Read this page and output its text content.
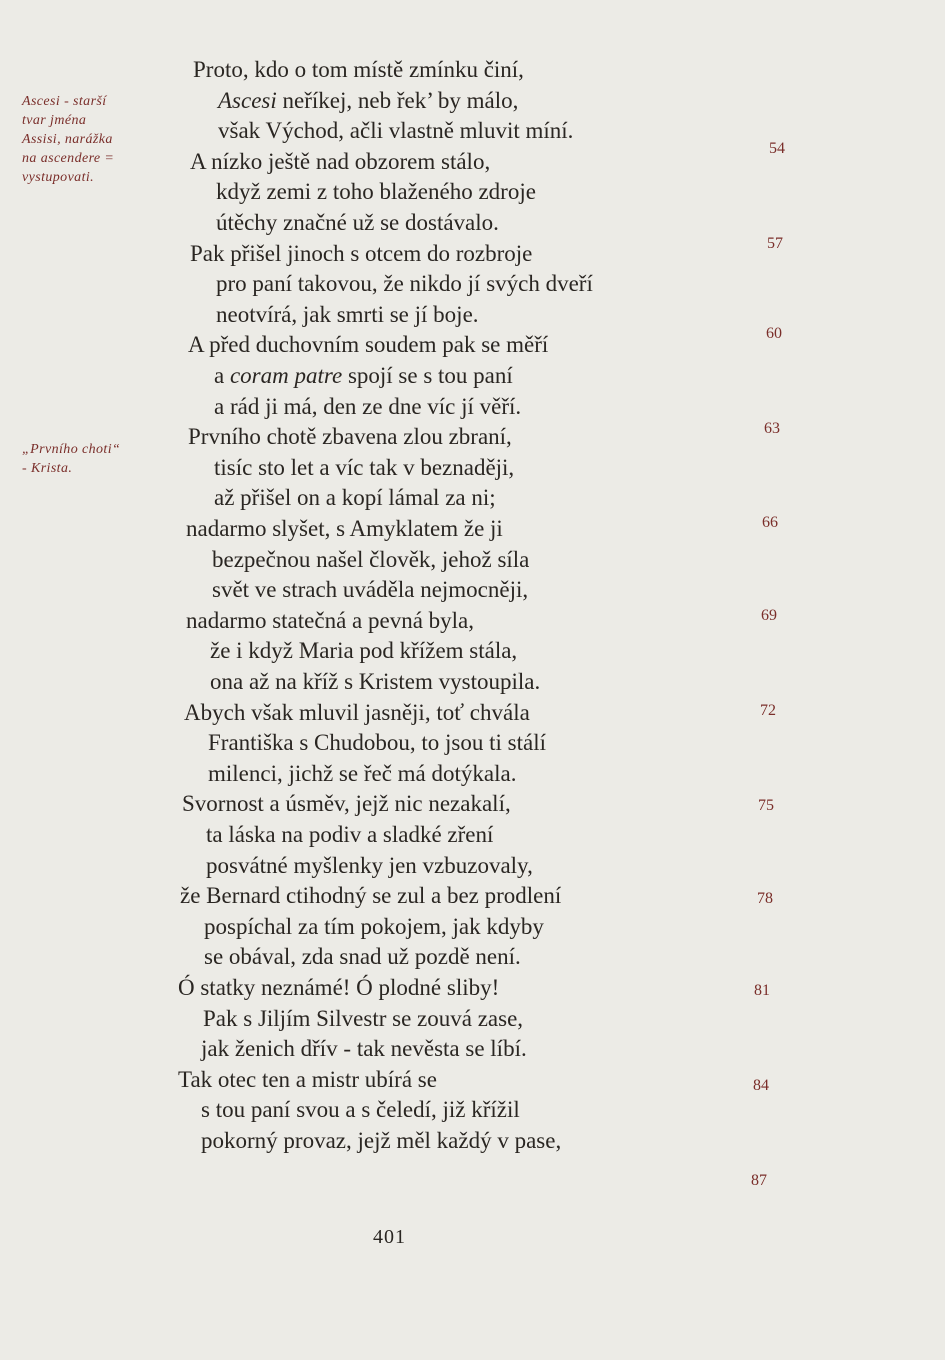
Ascesi - starší
tvar jména
Assisi, narážka
na ascendere =
vystupovati.
„Prvního choti“
- Krista.
Proto, kdo o tom místě zmínku činí,
Ascesi neříkej, neb řek’ by málo,
však Východ, ačli vlastně mluvit míní.
A nízko ještě nad obzorem stálo,
když zemi z toho blaženého zdroje
útěchy značné už se dostávalo.
Pak přišel jinoch s otcem do rozbroje
pro paní takovou, že nikdo jí svých dveří
neotvírá, jak smrti se jí boje.
A před duchovním soudem pak se měří
a coram patre spojí se s tou paní
a rád ji má, den ze dne víc jí věří.
Prvního chotě zbavena zlou zbraní,
tisíc sto let a víc tak v beznaději,
až přišel on a kopí lámal za ni;
nadarmo slyšet, s Amyklatem že ji
bezpečnou našel člověk, jehož síla
svět ve strach uváděla nejmocněji,
nadarmo statečná a pevná byla,
že i když Maria pod křížem stála,
ona až na kříž s Kristem vystoupila.
Abych však mluvil jasněji, toť chvála
Františka s Chudobou, to jsou ti stálí
milenci, jichž se řeč má dotýkala.
Svornost a úsměv, jejž nic nezakalí,
ta láska na podiv a sladké zření
posvátné myšlenky jen vzbuzovaly,
že Bernard ctihodný se zul a bez prodlení
pospíchal za tím pokojem, jak kdyby
se obával, zda snad už pozdě není.
Ó statky neznámé! Ó plodné sliby!
Pak s Jiljím Silvestr se zouvá zase,
jak ženich dřív - tak nevěsta se líbí.
Tak otec ten a mistr ubírá se
s tou paní svou a s čeledí, již křížil
pokorný provaz, jejž měl každý v pase,
54
57
60
63
66
69
72
75
78
81
84
87
401
